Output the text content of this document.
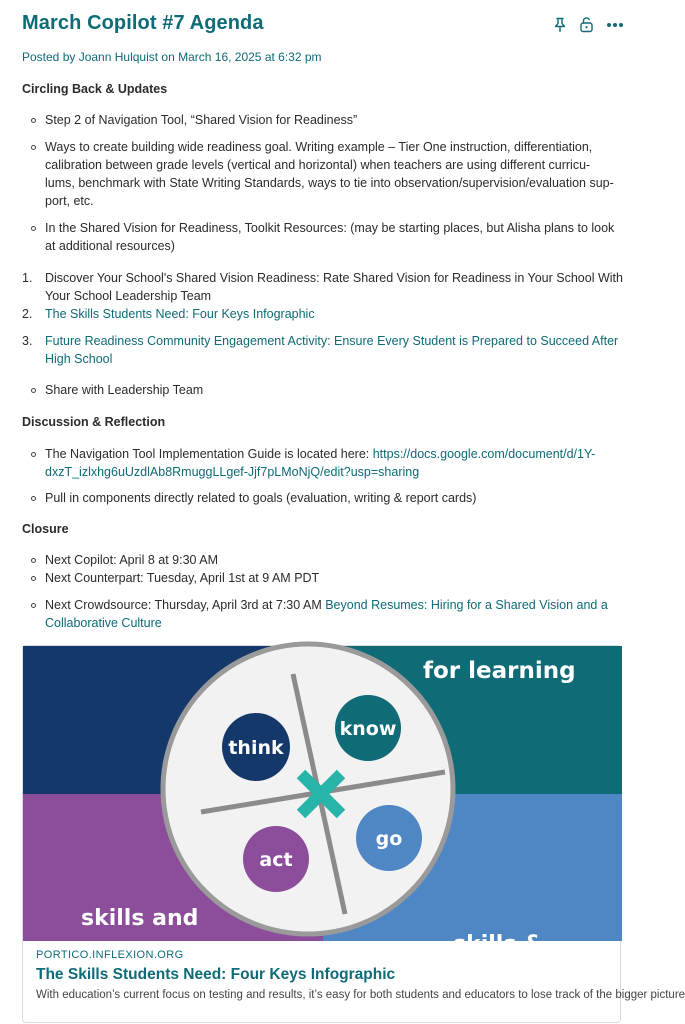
March Copilot #7 Agenda
Posted by Joann Hulquist on March 16, 2025 at 6:32 pm
Circling Back & Updates
Step 2 of Navigation Tool, “Shared Vision for Readiness”
Ways to create building wide readiness goal. Writing example – Tier One instruction, differentiation,
calibration between grade levels (vertical and horizontal) when teachers are using different curricu-
lums, benchmark with State Writing Standards, ways to tie into observation/supervision/evaluation sup-
port, etc.
In the Shared Vision for Readiness, Toolkit Resources: (may be starting places, but Alisha plans to look
at additional resources)
1.	Discover Your School's Shared Vision Readiness: Rate Shared Vision for Readiness in Your School With
Your School Leadership Team
2.	The Skills Students Need: Four Keys Infographic
3.	Future Readiness Community Engagement Activity: Ensure Every Student is Prepared to Succeed After
High School
Share with Leadership Team
Discussion & Reflection
The Navigation Tool Implementation Guide is located here: https://docs.google.com/document/d/1Y-
dxzT_izlxhg6uUzdlAb8RmuggLLgef-Jjf7pLMoNjQ/edit?usp=sharing
Pull in components directly related to goals (evaluation, writing & report cards)
Closure
Next Copilot: April 8 at 9:30 AM
Next Counterpart: Tuesday, April 1st at 9 AM PDT
Next Crowdsource: Thursday, April 3rd at 7:30 AM Beyond Resumes: Hiring for a Shared Vision and a
Collaborative Culture
for learning
skills and
skills &
think
know
act
go
PORTICO.INFLEXION.ORG
The Skills Students Need: Four Keys Infographic
With education’s current focus on testing and results, it’s easy for both students and educators to lose track of the bigger picture
